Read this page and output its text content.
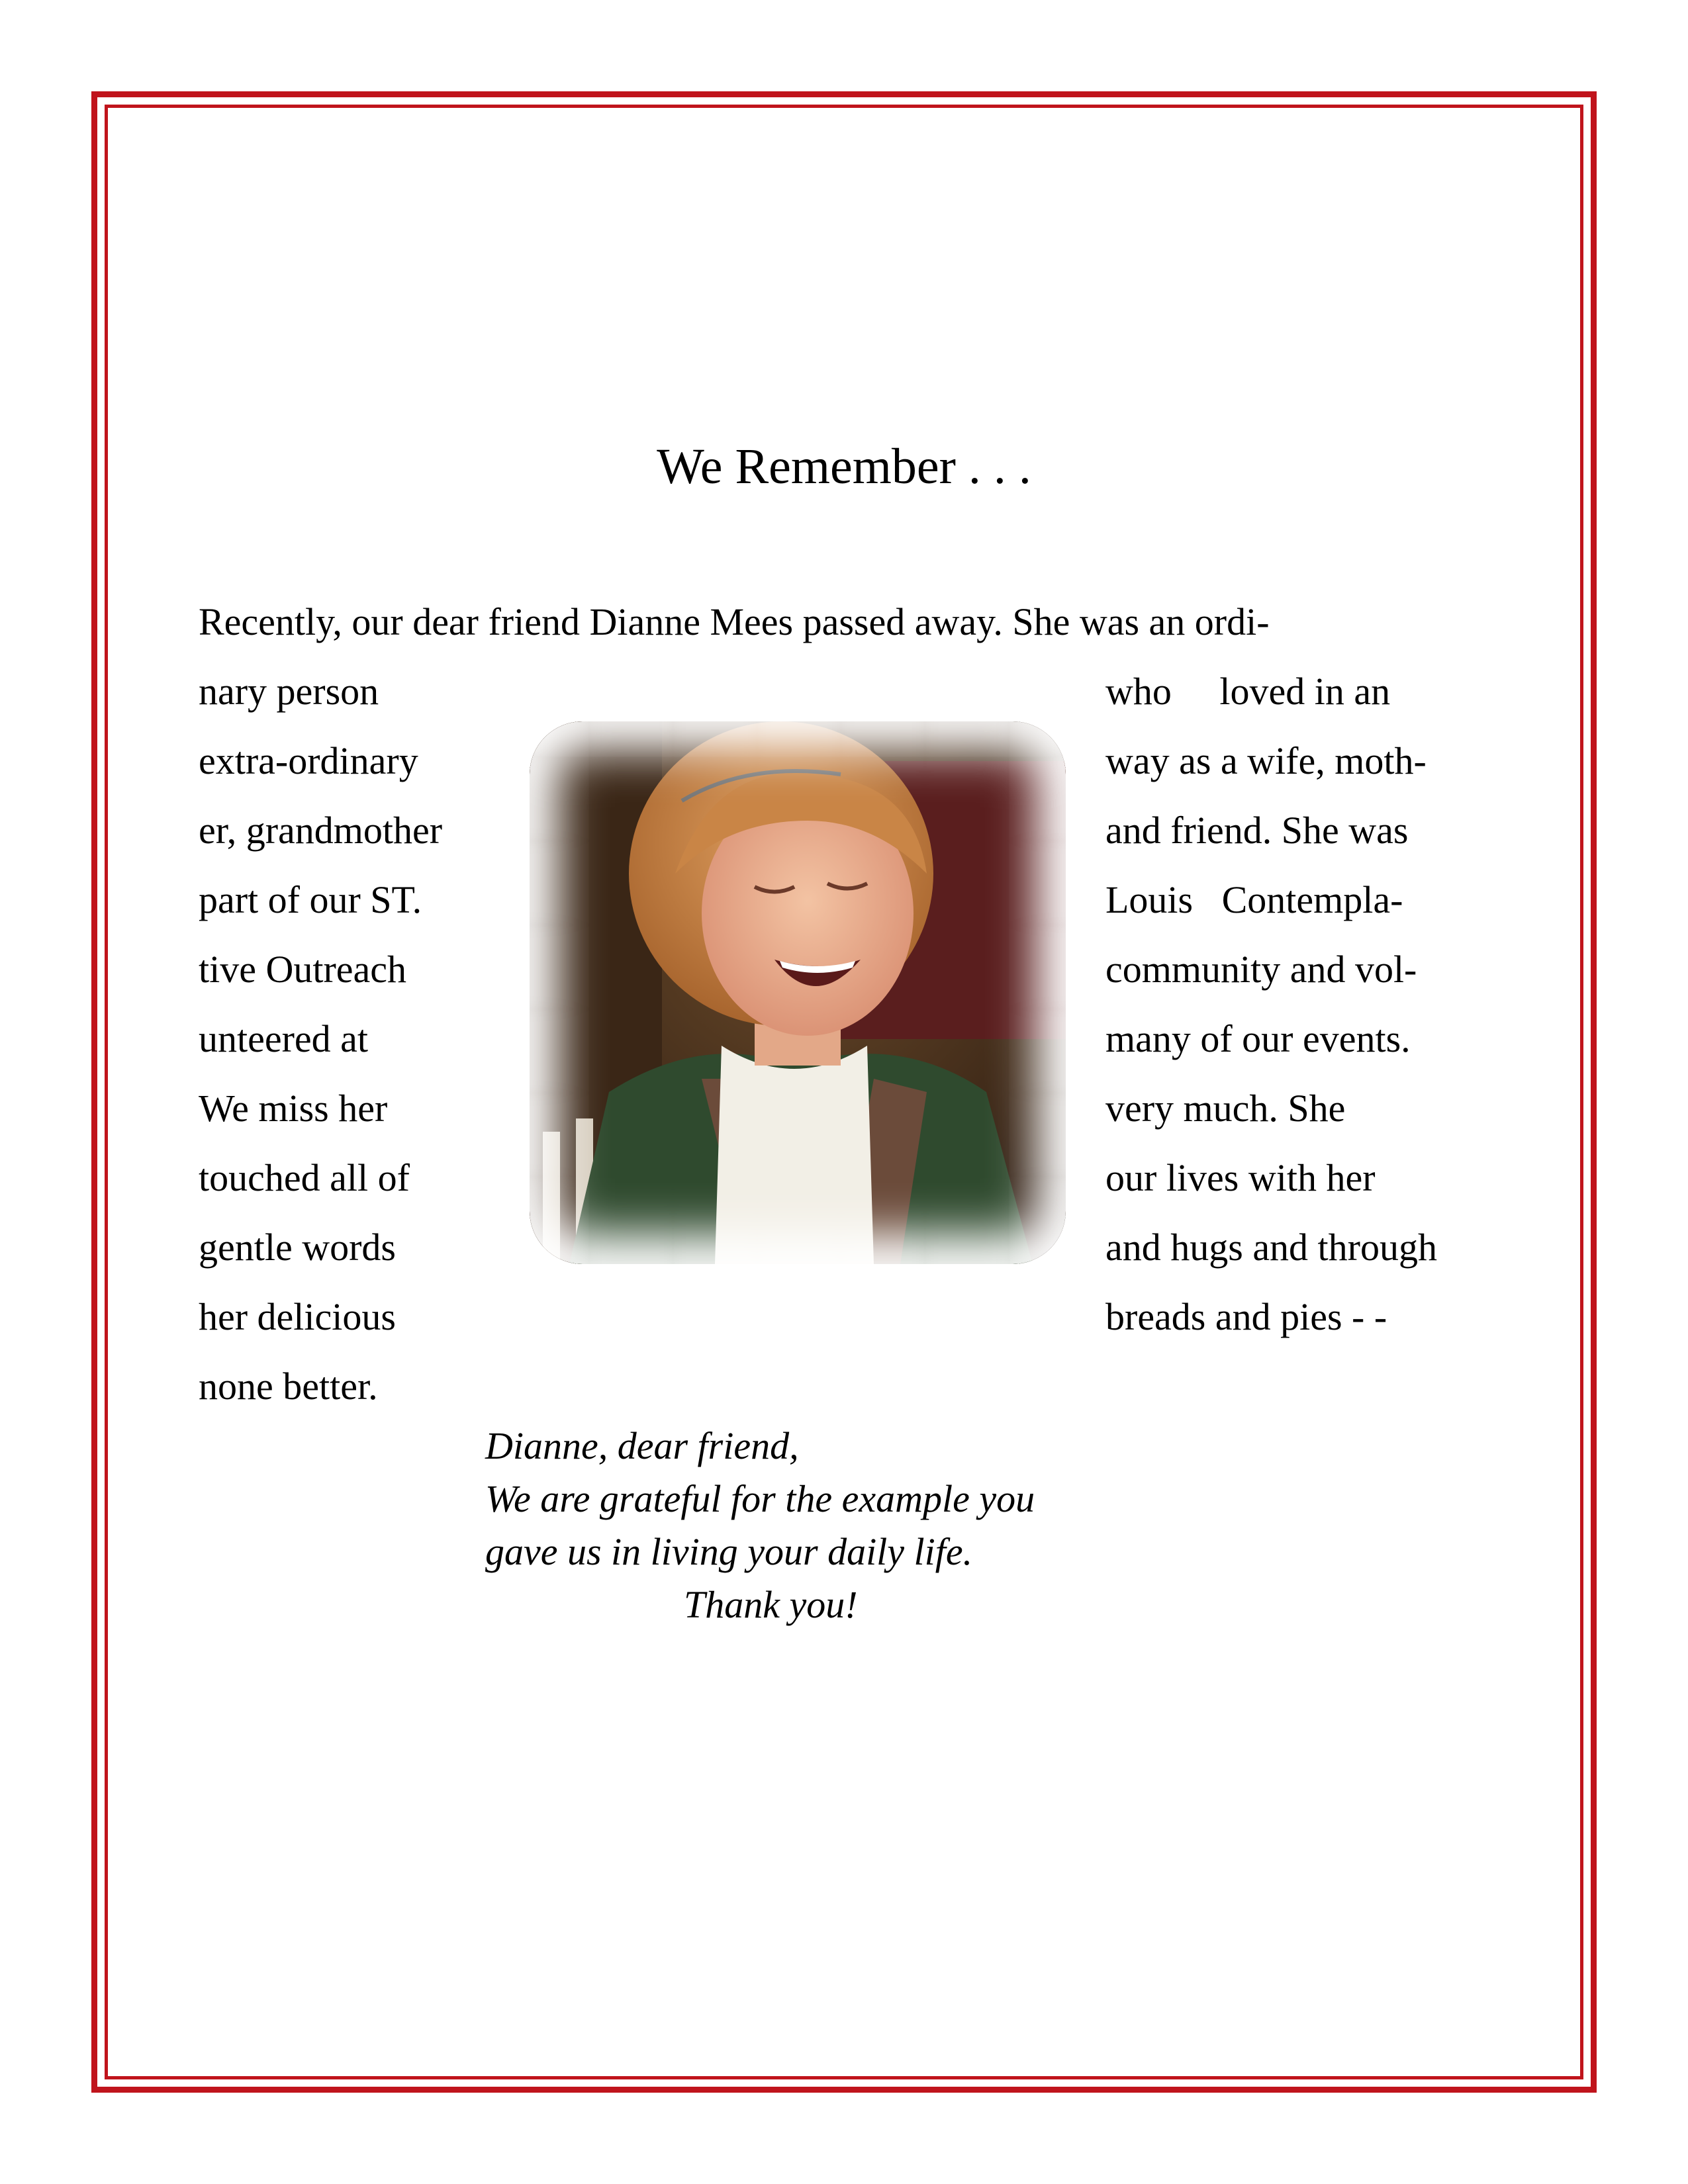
We Remember . . .
Recently, our dear friend Dianne Mees passed away. She was an ordi-
nary person
extra-ordinary
er, grandmother
part of our ST.
tive Outreach
unteered at
We miss her
touched all of
gentle words
her delicious
who     loved in an
way as a wife, moth-
and friend. She was
Louis   Contempla-
community and vol-
many of our events.
very much. She
our lives with her
and hugs and through
breads and pies - -
none better.
Dianne, dear friend,
We are grateful for the example you
gave us in living your daily life.
Thank you!
